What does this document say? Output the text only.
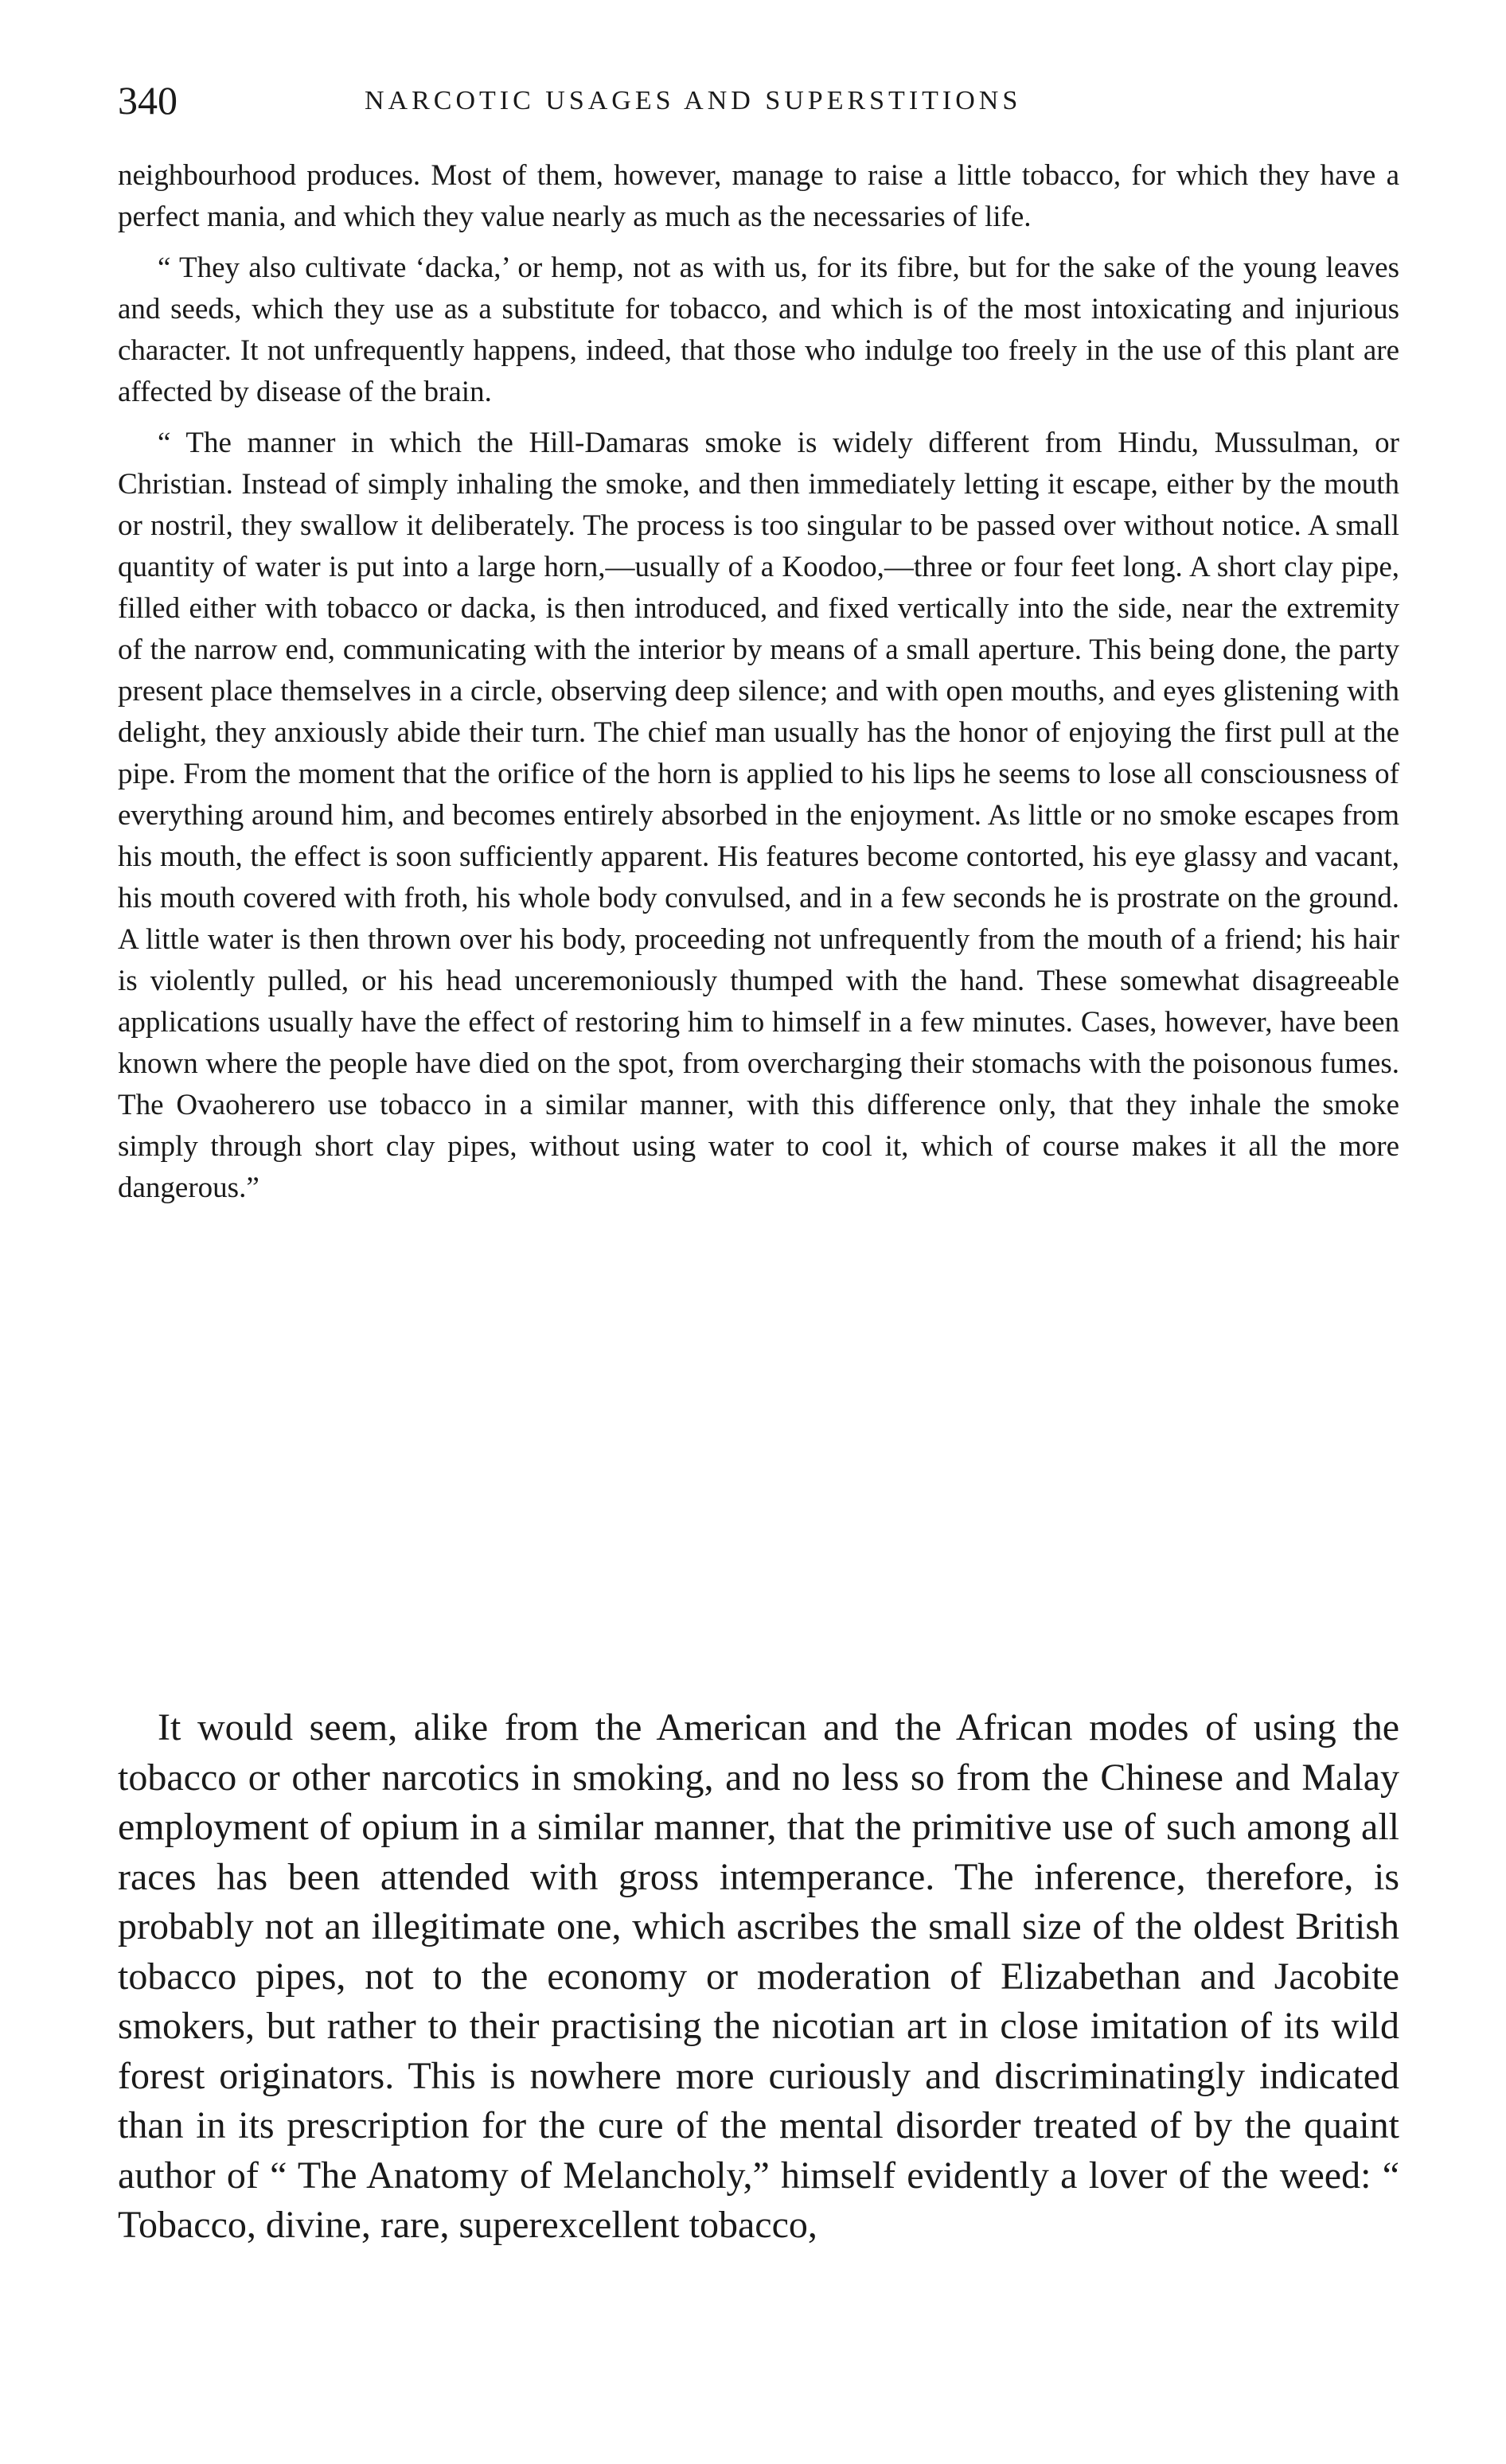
340	NARCOTIC USAGES AND SUPERSTITIONS

neighbourhood produces. Most of them, however, manage to raise a little tobacco, for which they have a perfect mania, and which they value nearly as much as the necessaries of life.

“ They also cultivate ‘dacka,’ or hemp, not as with us, for its fibre, but for the sake of the young leaves and seeds, which they use as a substitute for tobacco, and which is of the most intoxicating and injurious character. It not unfrequently happens, indeed, that those who indulge too freely in the use of this plant are affected by disease of the brain.

“ The manner in which the Hill-Damaras smoke is widely different from Hindu, Mussulman, or Christian. Instead of simply inhaling the smoke, and then immediately letting it escape, either by the mouth or nostril, they swallow it deliberately. The process is too singular to be passed over without notice. A small quantity of water is put into a large horn,—usually of a Koodoo,—three or four feet long. A short clay pipe, filled either with tobacco or dacka, is then introduced, and fixed vertically into the side, near the extremity of the narrow end, communicating with the interior by means of a small aperture. This being done, the party present place themselves in a circle, observing deep silence; and with open mouths, and eyes glistening with delight, they anxiously abide their turn. The chief man usually has the honor of enjoying the first pull at the pipe. From the moment that the orifice of the horn is applied to his lips he seems to lose all consciousness of everything around him, and becomes entirely absorbed in the enjoyment. As little or no smoke escapes from his mouth, the effect is soon sufficiently apparent. His features become contorted, his eye glassy and vacant, his mouth covered with froth, his whole body convulsed, and in a few seconds he is prostrate on the ground. A little water is then thrown over his body, proceeding not unfrequently from the mouth of a friend; his hair is violently pulled, or his head unceremoniously thumped with the hand. These somewhat disagreeable applications usually have the effect of restoring him to himself in a few minutes. Cases, however, have been known where the people have died on the spot, from overcharging their stomachs with the poisonous fumes. The Ovaoherero use tobacco in a similar manner, with this difference only, that they inhale the smoke simply through short clay pipes, without using water to cool it, which of course makes it all the more dangerous.”

It would seem, alike from the American and the African modes of using the tobacco or other narcotics in smoking, and no less so from the Chinese and Malay employment of opium in a similar manner, that the primitive use of such among all races has been attended with gross intemperance. The inference, therefore, is probably not an illegitimate one, which ascribes the small size of the oldest British tobacco pipes, not to the economy or moderation of Elizabethan and Jacobite smokers, but rather to their practising the nicotian art in close imitation of its wild forest originators. This is nowhere more curiously and discriminatingly indicated than in its prescription for the cure of the mental disorder treated of by the quaint author of “ The Anatomy of Melancholy,” himself evidently a lover of the weed: “ Tobacco, divine, rare, superexcellent tobacco,
